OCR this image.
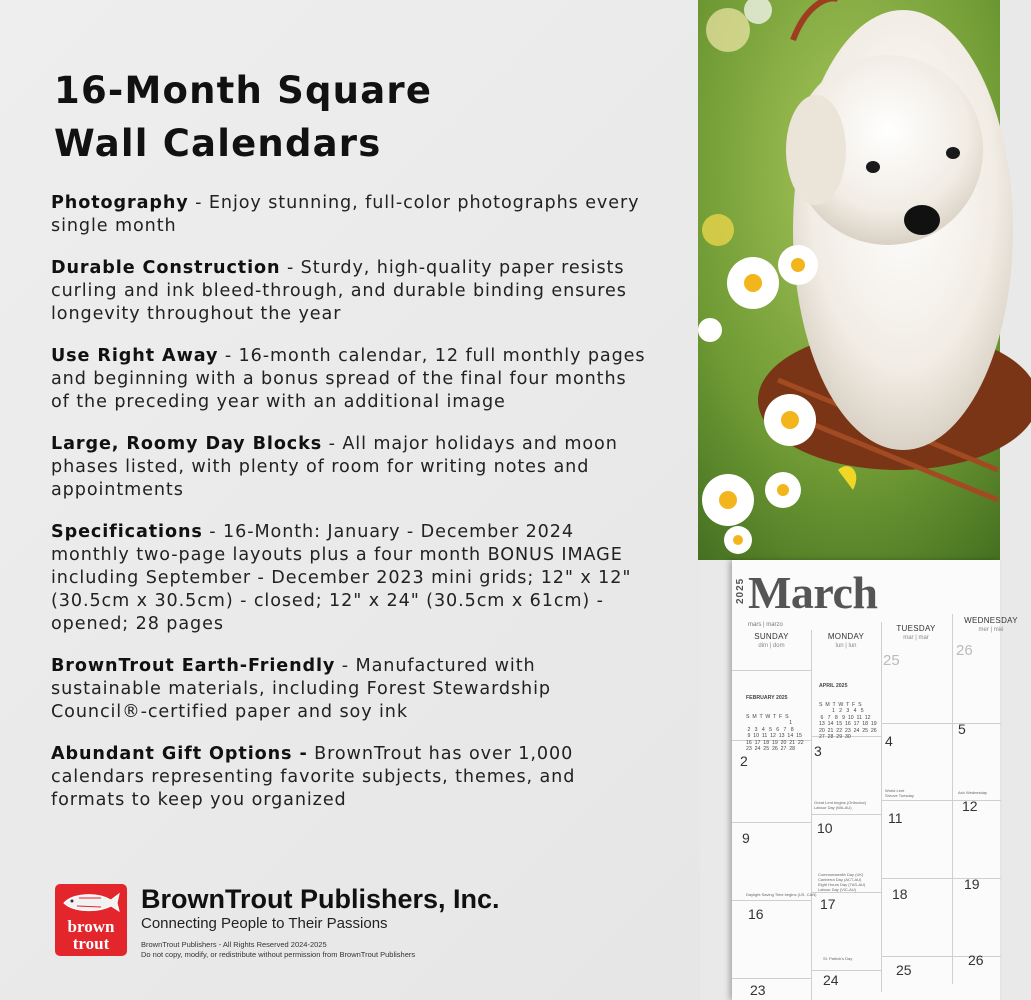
16-Month Square
Wall Calendars

Photography - Enjoy stunning, full-color photographs every single month

Durable Construction - Sturdy, high-quality paper resists curling and ink bleed-through, and durable binding ensures longevity throughout the year

Use Right Away - 16-month calendar, 12 full monthly pages and beginning with a bonus spread of the final four months of the preceding year with an additional image

Large, Roomy Day Blocks - All major holidays and moon phases listed, with plenty of room for writing notes and appointments

Specifications - 16-Month: January - December 2024 monthly two-page layouts plus a four month BONUS IMAGE including September - December 2023 mini grids; 12" x 12" (30.5cm x 30.5cm) - closed; 12" x 24" (30.5cm x 61cm) - opened; 28 pages

BrownTrout Earth-Friendly - Manufactured with sustainable materials, including Forest Stewardship Council®-certified paper and soy ink

Abundant Gift Options - BrownTrout has over 1,000 calendars representing favorite subjects, themes, and formats to keep you organized

brown
trout
BrownTrout Publishers, Inc.
Connecting People to Their Passions
BrownTrout Publishers - All Rights Reserved 2024-2025
Do not copy, modify, or redistribute without permission from BrownTrout Publishers
2025 March
mars | marzo
SUNDAY
dim | dom
MONDAY
lun | lun
TUESDAY
mar | mar
WEDNESDAY
mer | mié

FEBRUARY 2025

S  M  T  W  T  F  S
1
2   3   4   5   6   7   8
9  10  11  12  13  14  15
16  17  18  19  20  21  22
23  24  25  26  27  28

APRIL 2025

S  M  T  W  T  F  S
1   2   3   4   5
6   7   8   9  10  11  12
13  14  15  16  17  18  19
20  21  22  23  24  25  26
27  28  29  30

25
26
2
3
4
5
Great Lent begins (Orthodox)
Labour Day (WA-AU)
World Lent
Shrove Tuesday
Ash Wednesday
9
10
11
12
Daylight Saving Time begins (US, CAN)
Commonwealth Day (UK)
Canberra Day (ACT-AU)
Eight Hours Day (TAS-AU)
Labour Day (VIC-AU)
16
17
18
19
St. Patrick's Day
23
24
25
26
